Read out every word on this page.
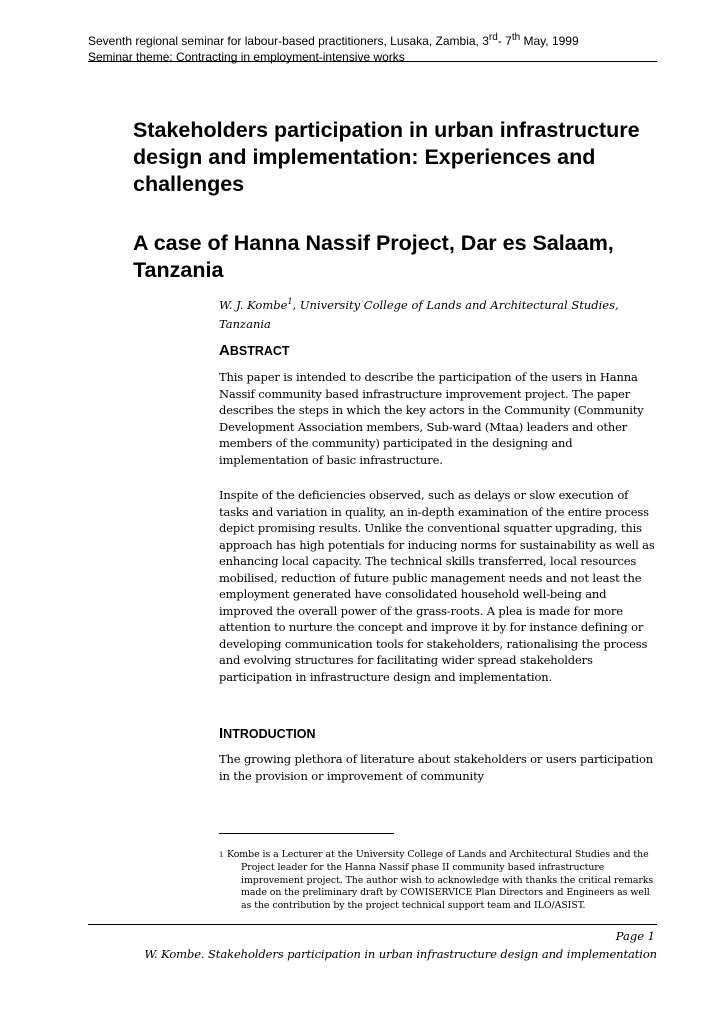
Seventh regional seminar for labour-based practitioners, Lusaka, Zambia, 3rd- 7th May, 1999
Seminar theme: Contracting in employment-intensive works
Stakeholders participation in urban infrastructure design and implementation: Experiences and challenges
A case of Hanna Nassif Project, Dar es Salaam, Tanzania
W. J. Kombe$^1$, University College of Lands and Architectural Studies, Tanzania
ABSTRACT

This paper is intended to describe the participation of the users in Hanna Nassif community based infrastructure improvement project. The paper describes the steps in which the key actors in the Community (Community Development Association members, Sub-ward (Mtaa) leaders and other members of the community) participated in the designing and implementation of basic infrastructure.

Inspite of the deficiencies observed, such as delays or slow execution of tasks and variation in quality, an in-depth examination of the entire process depict promising results. Unlike the conventional squatter upgrading, this approach has high potentials for inducing norms for sustainability as well as enhancing local capacity. The technical skills transferred, local resources mobilised, reduction of future public management needs and not least the employment generated have consolidated household well-being and improved the overall power of the grass-roots. A plea is made for more attention to nurture the concept and improve it by for instance defining or developing communication tools for stakeholders, rationalising the process and evolving structures for facilitating wider spread stakeholders participation in infrastructure design and implementation.

INTRODUCTION

The growing plethora of literature about stakeholders or users participation in the provision or improvement of community

1 Kombe is a Lecturer at the University College of Lands and Architectural Studies and the Project leader for the Hanna Nassif phase II community based infrastructure improvement project. The author wish to acknowledge with thanks the critical remarks made on the preliminary draft by COWISERVICE Plan Directors and Engineers as well as the contribution by the project technical support team and ILO/ASIST.
Page 1
W. Kombe. Stakeholders participation in urban infrastructure design and implementation
